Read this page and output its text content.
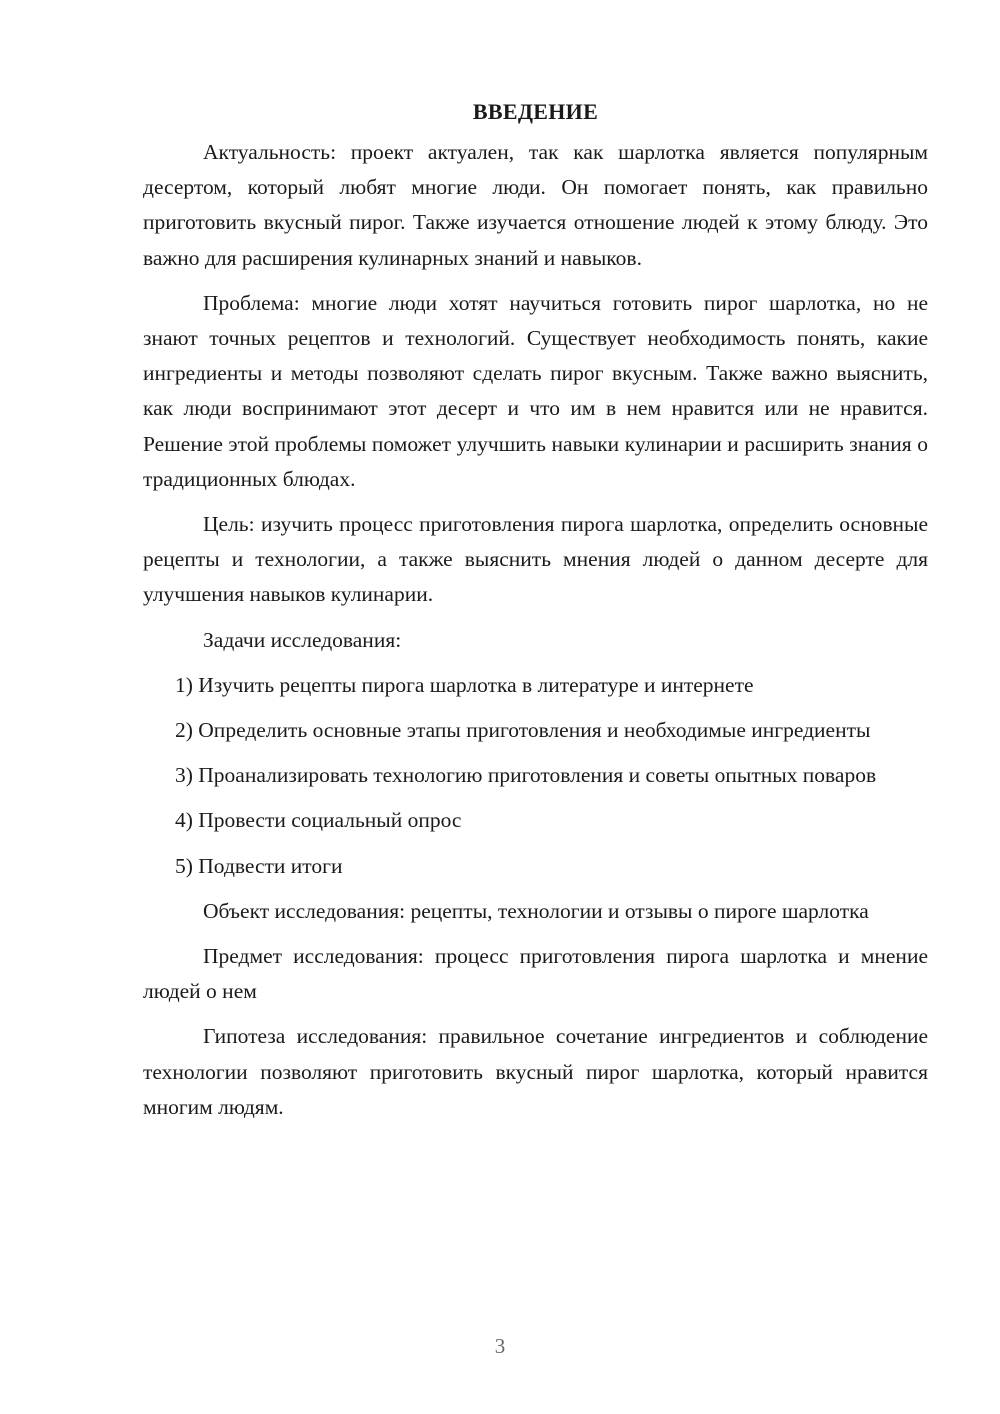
ВВЕДЕНИЕ

Актуальность: проект актуален, так как шарлотка является популярным десертом, который любят многие люди. Он помогает понять, как правильно приготовить вкусный пирог. Также изучается отношение людей к этому блюду. Это важно для расширения кулинарных знаний и навыков.

Проблема: многие люди хотят научиться готовить пирог шарлотка, но не знают точных рецептов и технологий. Существует необходимость понять, какие ингредиенты и методы позволяют сделать пирог вкусным. Также важно выяснить, как люди воспринимают этот десерт и что им в нем нравится или не нравится. Решение этой проблемы поможет улучшить навыки кулинарии и расширить знания о традиционных блюдах.

Цель: изучить процесс приготовления пирога шарлотка, определить основные рецепты и технологии, а также выяснить мнения людей о данном десерте для улучшения навыков кулинарии.

Задачи исследования:

1) Изучить рецепты пирога шарлотка в литературе и интернете

2) Определить основные этапы приготовления и необходимые ингредиенты

3) Проанализировать технологию приготовления и советы опытных поваров

4) Провести социальный опрос

5) Подвести итоги

Объект исследования: рецепты, технологии и отзывы о пироге шарлотка

Предмет исследования: процесс приготовления пирога шарлотка и мнение людей о нем

Гипотеза исследования: правильное сочетание ингредиентов и соблюдение технологии позволяют приготовить вкусный пирог шарлотка, который нравится многим людям.

3
